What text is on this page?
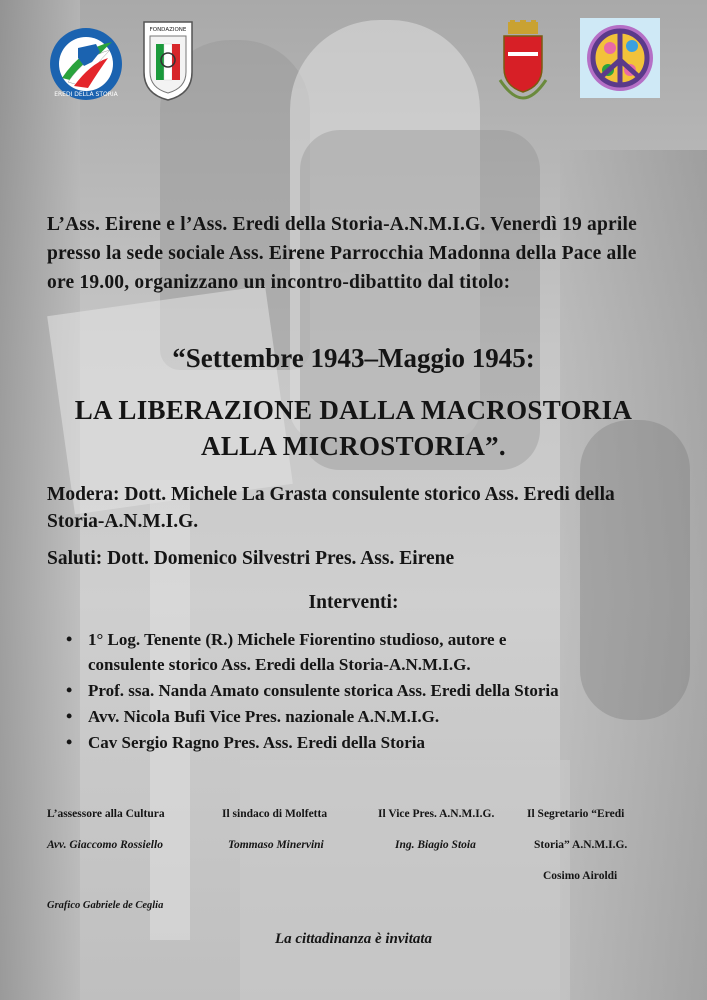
EREDI DELLA STORIA
FONDAZIONE
L’Ass. Eirene e l’Ass. Eredi della Storia-A.N.M.I.G. Venerdì 19 aprile presso la sede sociale Ass. Eirene Parrocchia Madonna della Pace alle ore 19.00, organizzano un incontro-dibattito dal titolo:
“Settembre 1943–Maggio 1945:
LA LIBERAZIONE DALLA MACROSTORIA
ALLA MICROSTORIA”.
Modera: Dott. Michele La Grasta consulente storico Ass. Eredi della Storia-A.N.M.I.G.
Saluti: Dott. Domenico Silvestri Pres. Ass. Eirene
Interventi:
• 1° Log. Tenente (R.) Michele Fiorentino studioso, autore e
consulente storico Ass. Eredi della Storia-A.N.M.I.G.
• Prof. ssa. Nanda Amato consulente storica Ass. Eredi della Storia
• Avv. Nicola Bufi Vice Pres. nazionale A.N.M.I.G.
• Cav Sergio Ragno Pres. Ass. Eredi della Storia
L’assessore alla Cultura
Avv. Giaccomo Rossiello
Il sindaco di Molfetta
Tommaso Minervini
Il Vice Pres. A.N.M.I.G.
Ing. Biagio Stoia
Il Segretario “Eredi
Storia” A.N.M.I.G.
Cosimo Airoldi
Grafico Gabriele de Ceglia
La cittadinanza è invitata
